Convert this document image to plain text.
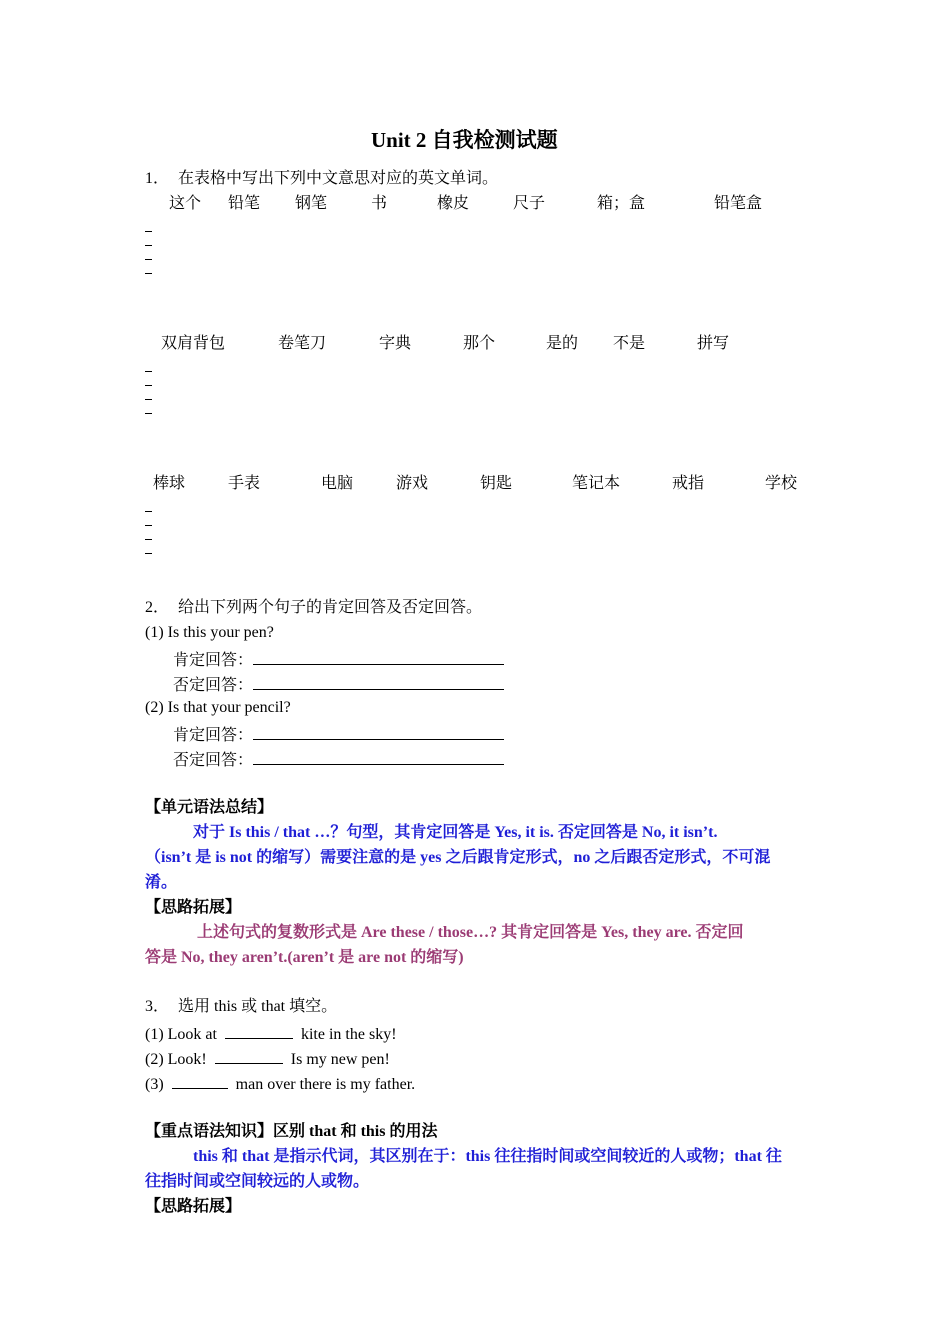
Unit 2 自我检测试题
1． 在表格中写出下列中文意思对应的英文单词。
这个 铅笔 钢笔	书	橡皮	尺子	箱；盒	铅笔盒
双肩背包	卷笔刀	字典	那个	是的 不是	拼写
棒球	手表	电脑	游戏	钥匙	笔记本	戒指	学校
2． 给出下列两个句子的肯定回答及否定回答。
(1) Is this your pen?
肯定回答：
否定回答：
(2) Is that your pencil?
肯定回答：
否定回答：
【单元语法总结】
对于 Is this / that …？句型，其肯定回答是 Yes, it is. 否定回答是 No, it isn’t.
（isn’t 是 is not 的缩写）需要注意的是 yes 之后跟肯定形式，no 之后跟否定形式，不可混
淆。
【思路拓展】
上述句式的复数形式是 Are these / those…? 其肯定回答是 Yes, they are. 否定回
答是 No, they aren’t.(aren’t 是 are not 的缩写)
3． 选用 this 或 that 填空。
(1) Look at	kite in the sky!
(2) Look!	Is my new pen!
(3)	man over there is my father.
【重点语法知识】区别 that 和 this 的用法
this 和 that 是指示代词，其区别在于：this 往往指时间或空间较近的人或物；that 往
往指时间或空间较远的人或物。
【思路拓展】
